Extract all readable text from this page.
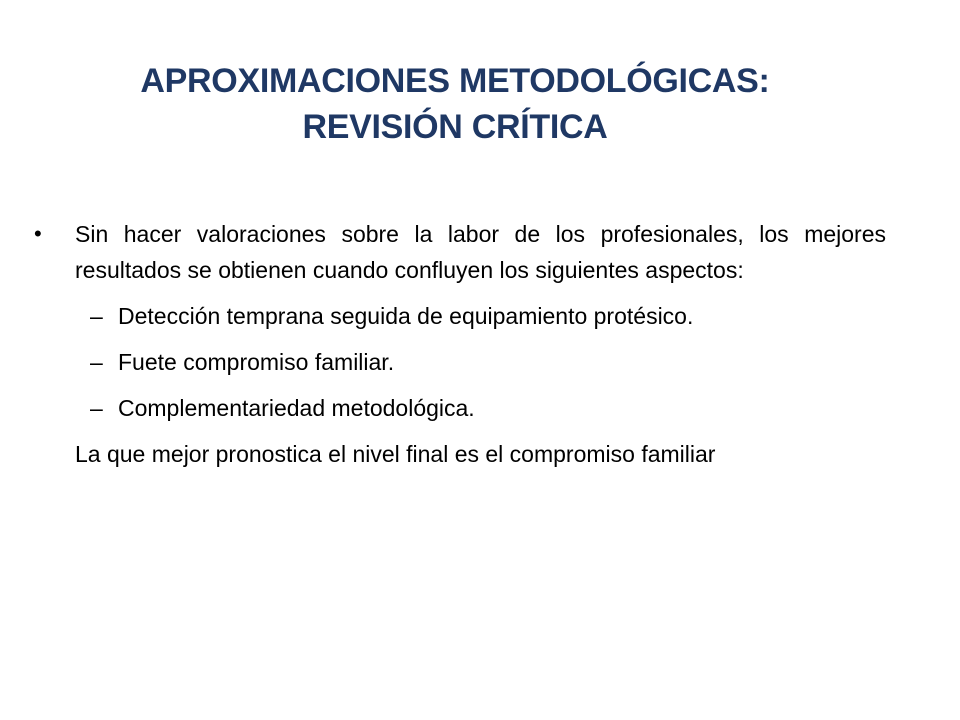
APROXIMACIONES METODOLÓGICAS:
REVISIÓN CRÍTICA
• Sin hacer valoraciones sobre la labor de los profesionales, los mejores resultados se obtienen cuando confluyen los siguientes aspectos:
– Detección temprana seguida de equipamiento protésico.
– Fuete compromiso familiar.
– Complementariedad metodológica.
La que mejor pronostica el nivel final es el compromiso familiar
